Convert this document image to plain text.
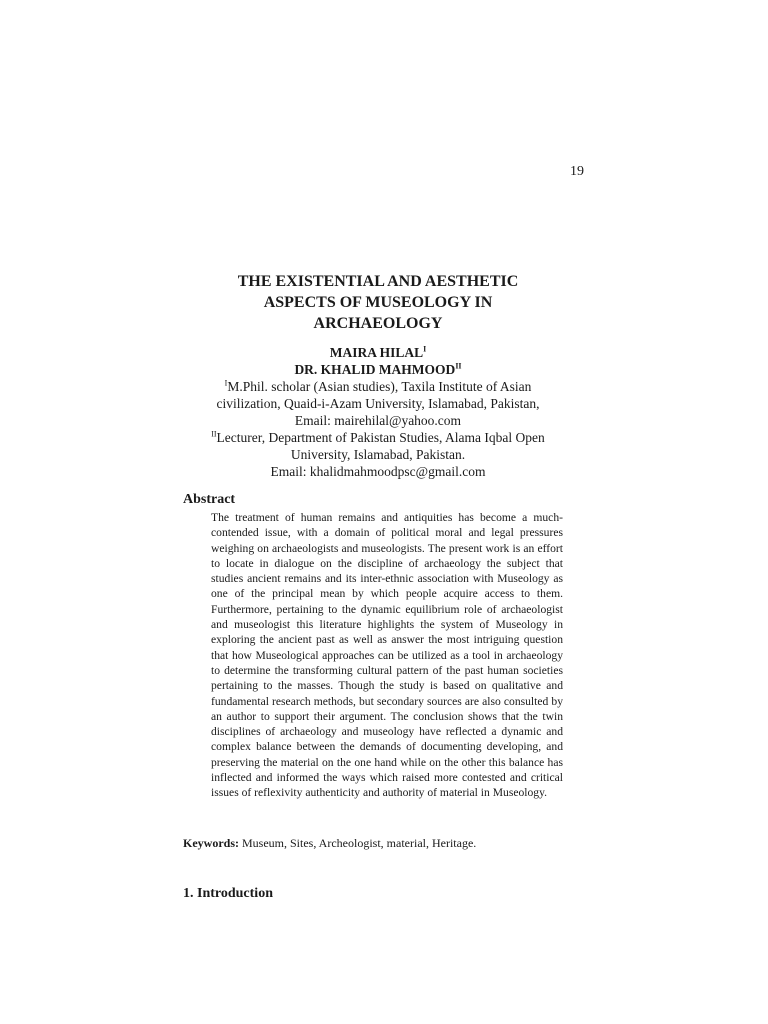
19
THE EXISTENTIAL AND AESTHETIC
ASPECTS OF MUSEOLOGY IN
ARCHAEOLOGY
MAIRA $HILAL^I$
DR. KHALID $MAHMOOD^{II}$
$^I$M.Phil. scholar (Asian studies), Taxila Institute of Asian
civilization, Quaid-i-Azam University, Islamabad, Pakistan,
Email: mairehilal@yahoo.com
$^{II}$Lecturer, Department of Pakistan Studies, Alama Iqbal Open
University, Islamabad, Pakistan.
Email: khalidmahmoodpsc@gmail.com
Abstract
The treatment of human remains and antiquities has become a much-contended issue, with a domain of political moral and legal pressures weighing on archaeologists and museologists. The present work is an effort to locate in dialogue on the discipline of archaeology the subject that studies ancient remains and its inter-ethnic association with Museology as one of the principal mean by which people acquire access to them. Furthermore, pertaining to the dynamic equilibrium role of archaeologist and museologist this literature highlights the system of Museology in exploring the ancient past as well as answer the most intriguing question that how Museological approaches can be utilized as a tool in archaeology to determine the transforming cultural pattern of the past human societies pertaining to the masses. Though the study is based on qualitative and fundamental research methods, but secondary sources are also consulted by an author to support their argument. The conclusion shows that the twin disciplines of archaeology and museology have reflected a dynamic and complex balance between the demands of documenting developing, and preserving the material on the one hand while on the other this balance has inflected and informed the ways which raised more contested and critical issues of reflexivity authenticity and authority of material in Museology.
Keywords: Museum, Sites, Archeologist, material, Heritage.
1. Introduction
